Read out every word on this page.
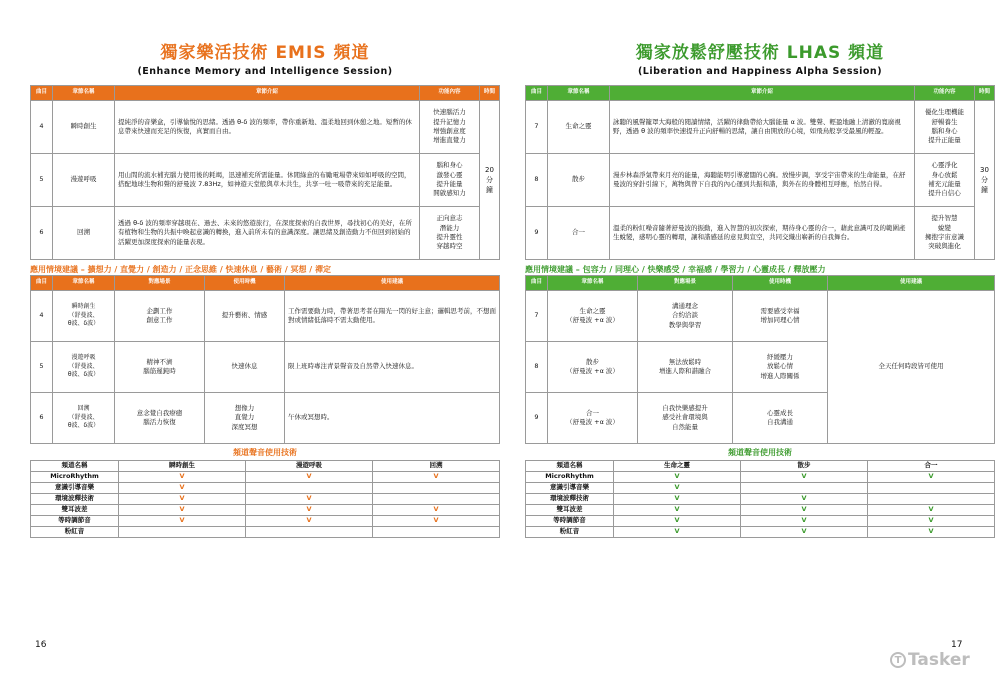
獨家樂活技術 EMIS 頻道
(Enhance Memory and Intelligence Session)
曲目	章節名稱	章節介紹	功能內容	時間
4	瞬時創生	提純淨的音樂盒，引導愉悅的思緒。透過 θ-δ 波的頻率，帶你重新地、溫柔地回到休憩之地。短暫的休息帶來快速而充足的恢復，真實而自由。	快速腦活力
提升記憶力
增強創意度
增進直覺力	20
分
鐘
5	漫遊呼吸	用山間的流水補充腦力使用後的耗竭，迅速補充所需能量。休閒綠意的布勵電場帶來如如呼吸的空間，搭配地球生物和聲的舒曼波 7.83Hz，如神遊天堂般與草木共生，共享一吐一吸帶來的充足能量。	腦和身心
激發心靈
提升能量
開啟感知力	
6	回溯	透過 θ-δ 波的頻率穿越現在、過去、未來的悠遊旅行，在深度探索的自我世界，尋找初心的美好，在所有植物和生物的共振中喚起意識的轉換，進入前所未有的意識深度。讓思緒及創造動力不但回到初始的活躍更加深度探索的能量表現。	正向意志
潛能力
提升靈性
穿越時空	
應用情境建議 – 擴想力 / 直覺力 / 創造力 / 正念思維 / 快速休息 / 藝術 / 冥想 / 禪定
曲目	章節名稱	對應場景	使用時機	使用建議
4	瞬時創生
（舒曼波、
θ波、δ波）	企劃工作
創意工作	提升藝術、情感	工作需要動力時，帶著思考者在陽光一閃的好主意；邏輯思考前，不想面對或情緒低落時不需太動使用。
5	漫遊呼吸
（舒曼波、
θ波、δ波）	精神不濟
腦筋遲鈍時	快速休息	限上班時專注青景聲音及自然帶入快速休息。
6	回溯
（舒曼波、
θ波、δ波）	意念覺自我療癒
腦活力恢復	想像力
直覺力
深度冥想	午休或冥想時。
頻道聲音使用技術
頻道名稱	瞬時創生	漫遊呼吸	回溯
MicroRhythm	V	V	V
意識引導音樂	V		
環境波釋技術	V	V	
雙耳波差	V	V	V
等時調節音	V	V	V
粉紅音			
16
獨家放鬆舒壓技術 LHAS 頻道
(Liberation and Happiness Alpha Session)
曲目	章節名稱	章節介紹	功能內容	時間
7	生命之靈	詠聽的風聲籠罩大海般的閱讀情緒，活躍的律動帶給大腦能量 α 波。雙聲、輕盈地融上清澈的寬廣視野，透過 θ 波的頻率快速提升正向舒暢的思緒，讓自由開放的心境，如飛鳥般享受最風的輕盈。	優化生理機能
舒暢養生
腦和身心
提升正能量	30
分
鐘
8	散步	漫步林森淨氣帶來月亮的能量，海聽能明引導遼闊的心胸。放慢步調，享受宇宙帶來的生命能量，在舒曼波的穿針引線下，萬物與曾下自我的內心運到共振和諧，與外在的身體相互呼應，怡然自得。	心靈淨化
身心放鬆
補充元能量
提升自信心	
9	合一	溫柔的粉紅噪音隨著舒曼波的振動，進入智慧的初次探索，期待身心靈的合一，藉此意識可及的範圍產生蛻變，感明心靈的轉環，讓和諧感延的意見與宣空，共同交織出嶄新的自我舞台。	提升智慧
蛻變
擁抱宇宙意識
突破與進化	
應用情境建議 – 包容力 / 同理心 / 快樂感受 / 幸福感 / 學習力 / 心靈成長 / 釋放壓力
曲目	章節名稱	對應場景	使用時機	使用建議
7	生命之靈
（舒曼波 +α 波）	溝通理念
合約洽談
教學與學習	需要感受幸福
增加同理心情	全天任何時段皆可使用
8	散步
（舒曼波 +α 波）	無法放鬆時
增進人際和諧融合	紓緩壓力
放鬆心情
增進人際關係	
9	合一
（舒曼波 +α 波）	自我快樂感提升
感受社會環境與
自然能量	心靈成長
自我溝通	
頻道聲音使用技術
頻道名稱	生命之靈	散步	合一
MicroRhythm	V	V	V
意識引導音樂	V		
環境波釋技術	V	V	
雙耳波差	V	V	V
等時調節音	V	V	V
粉紅音	V	V	V
17
T Tasker
